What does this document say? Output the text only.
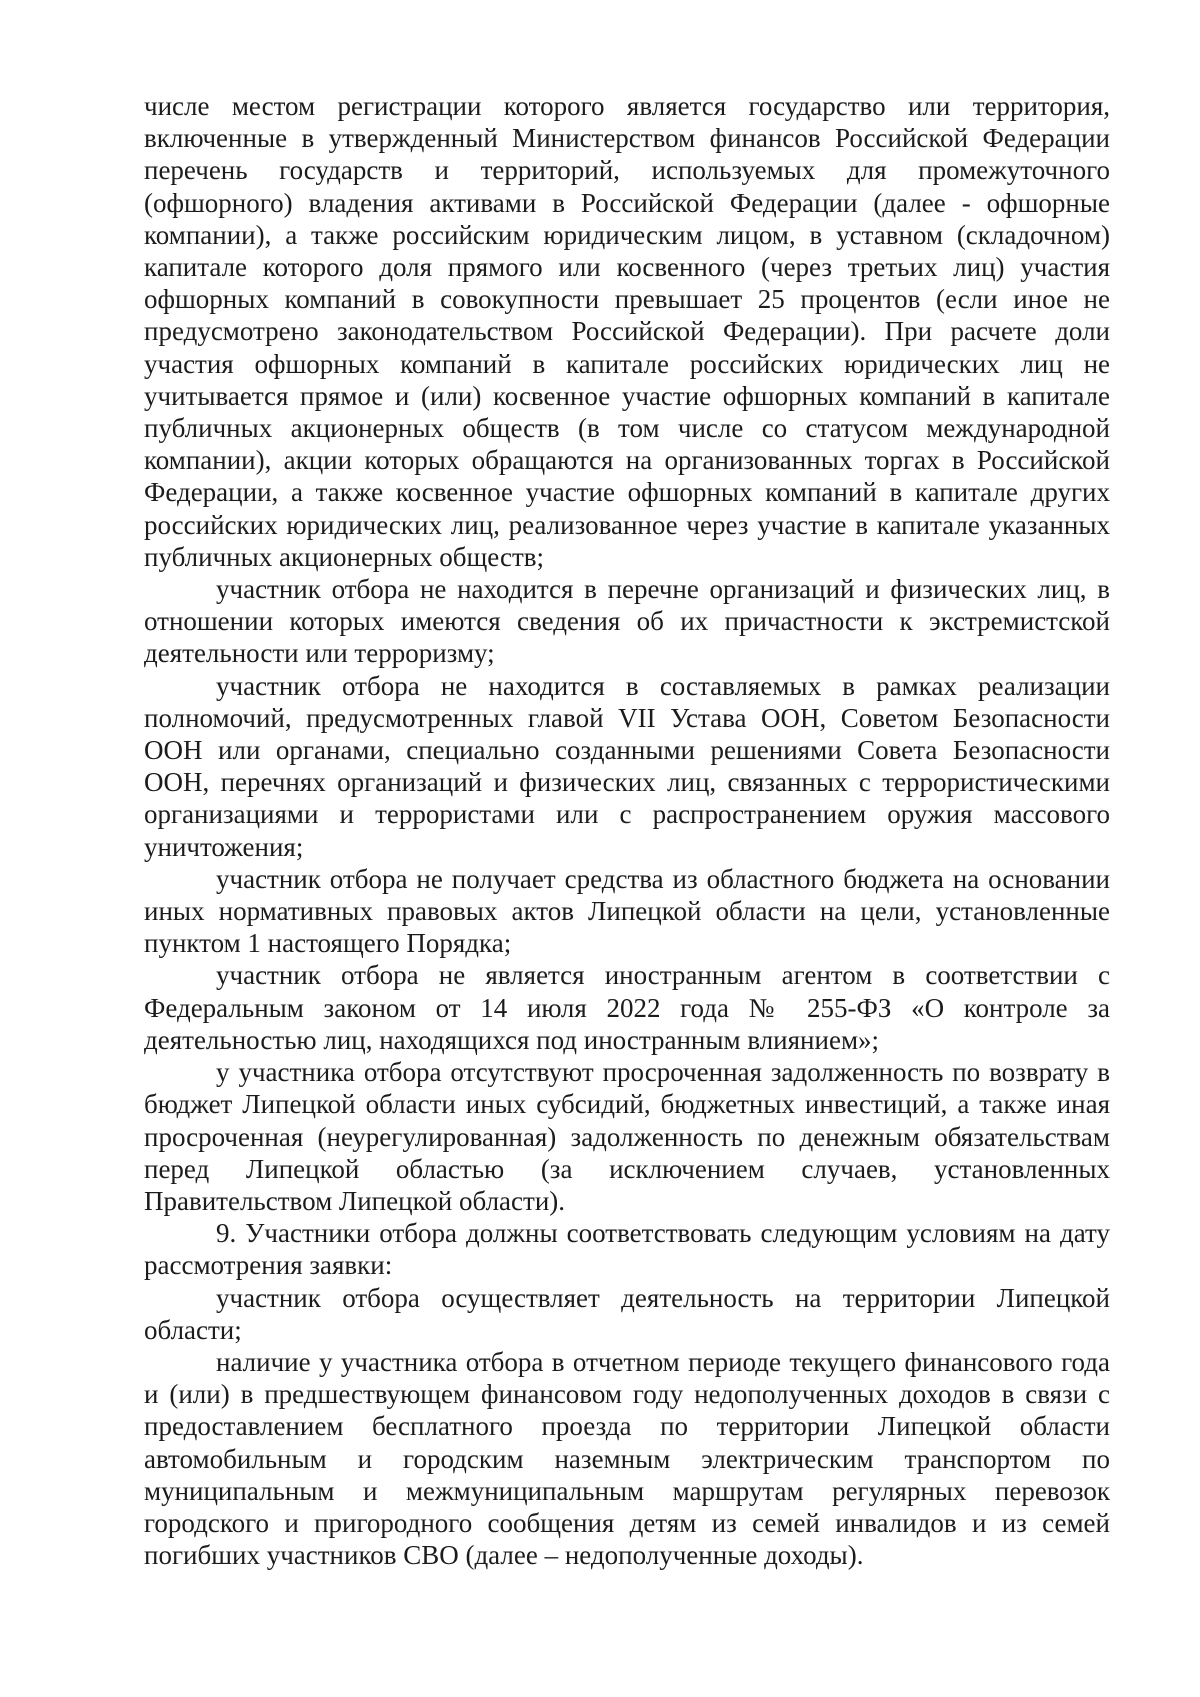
числе местом регистрации которого является государство или территория, включенные в утвержденный Министерством финансов Российской Федерации перечень государств и территорий, используемых для промежуточного (офшорного) владения активами в Российской Федерации (далее - офшорные компании), а также российским юридическим лицом, в уставном (складочном) капитале которого доля прямого или косвенного (через третьих лиц) участия офшорных компаний в совокупности превышает 25 процентов (если иное не предусмотрено законодательством Российской Федерации). При расчете доли участия офшорных компаний в капитале российских юридических лиц не учитывается прямое и (или) косвенное участие офшорных компаний в капитале публичных акционерных обществ (в том числе со статусом международной компании), акции которых обращаются на организованных торгах в Российской Федерации, а также косвенное участие офшорных компаний в капитале других российских юридических лиц, реализованное через участие в капитале указанных публичных акционерных обществ;

участник отбора не находится в перечне организаций и физических лиц, в отношении которых имеются сведения об их причастности к экстремистской деятельности или терроризму;

участник отбора не находится в составляемых в рамках реализации полномочий, предусмотренных главой VII Устава ООН, Советом Безопасности ООН или органами, специально созданными решениями Совета Безопасности ООН, перечнях организаций и физических лиц, связанных с террористическими организациями и террористами или с распространением оружия массового уничтожения;

участник отбора не получает средства из областного бюджета на основании иных нормативных правовых актов Липецкой области на цели, установленные пунктом 1 настоящего Порядка;

участник отбора не является иностранным агентом в соответствии с Федеральным законом от 14 июля 2022 года № 255-ФЗ «О контроле за деятельностью лиц, находящихся под иностранным влиянием»;

у участника отбора отсутствуют просроченная задолженность по возврату в бюджет Липецкой области иных субсидий, бюджетных инвестиций, а также иная просроченная (неурегулированная) задолженность по денежным обязательствам перед Липецкой областью (за исключением случаев, установленных Правительством Липецкой области).

9. Участники отбора должны соответствовать следующим условиям на дату рассмотрения заявки:

участник отбора осуществляет деятельность на территории Липецкой области;

наличие у участника отбора в отчетном периоде текущего финансового года и (или) в предшествующем финансовом году недополученных доходов в связи с предоставлением бесплатного проезда по территории Липецкой области автомобильным и городским наземным электрическим транспортом по муниципальным и межмуниципальным маршрутам регулярных перевозок городского и пригородного сообщения детям из семей инвалидов и из семей погибших участников СВО (далее – недополученные доходы).
